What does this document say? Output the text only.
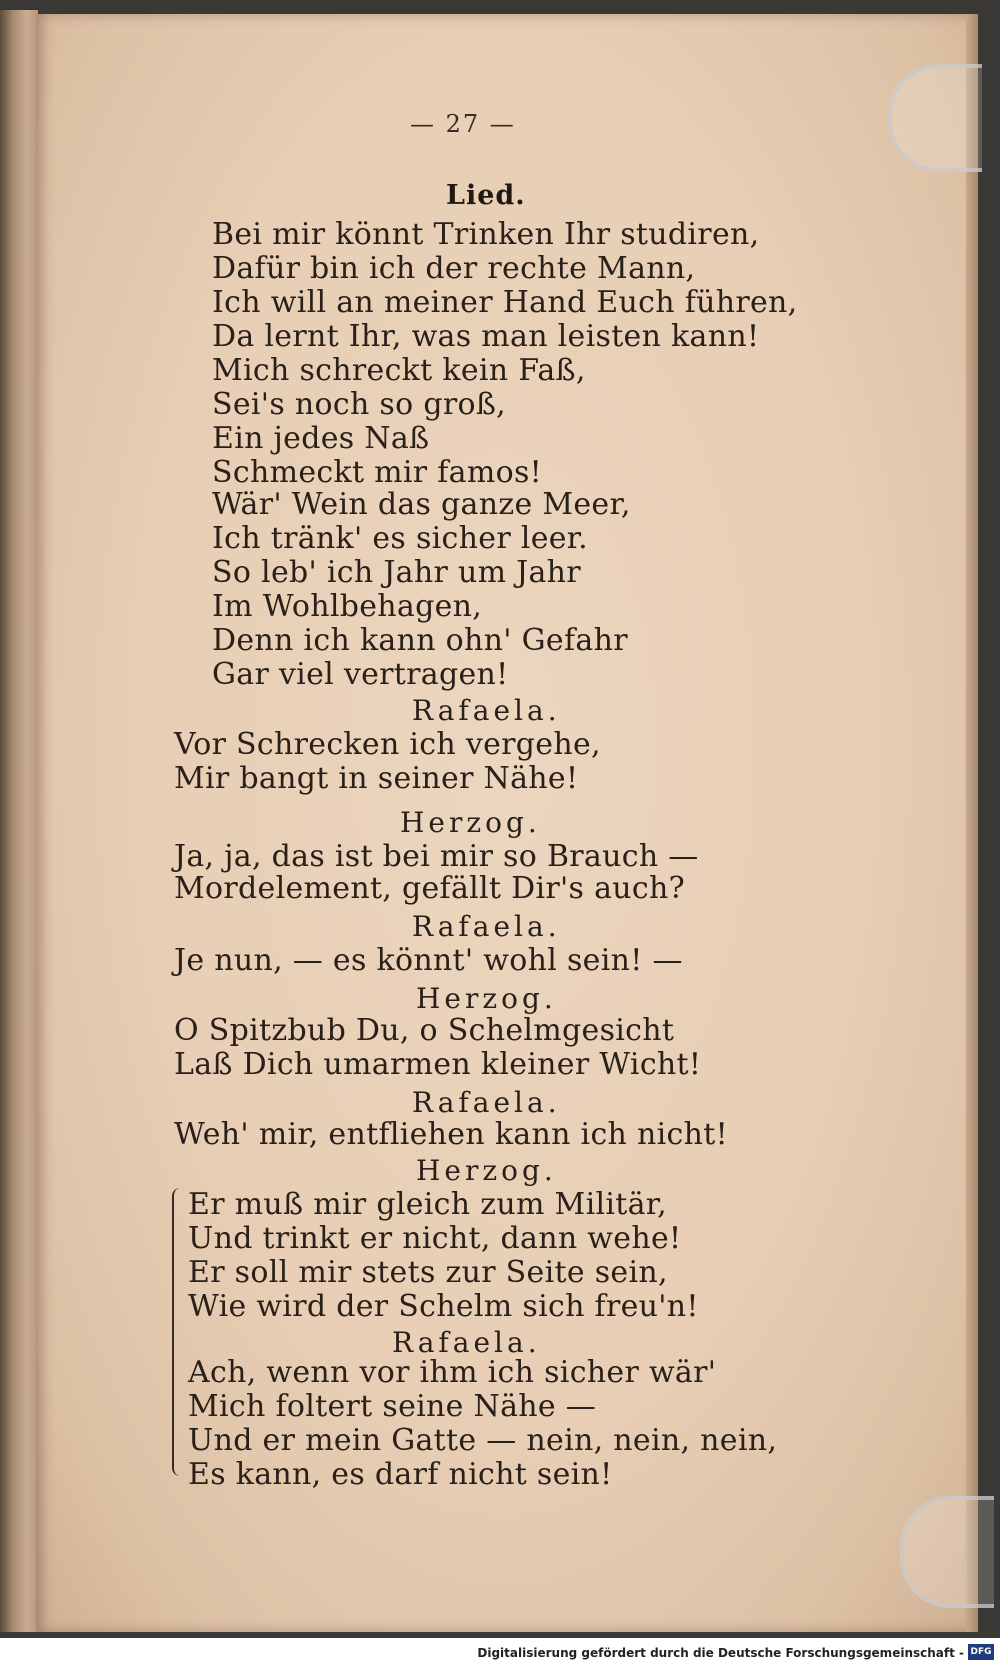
— 27 —
Lied.
Bei mir könnt Trinken Ihr studiren,
Dafür bin ich der rechte Mann,
Ich will an meiner Hand Euch führen,
Da lernt Ihr, was man leisten kann!
Mich schreckt kein Faß,
Sei's noch so groß,
Ein jedes Naß
Schmeckt mir famos!
Wär' Wein das ganze Meer,
Ich tränk' es sicher leer.
So leb' ich Jahr um Jahr
Im Wohlbehagen,
Denn ich kann ohn' Gefahr
Gar viel vertragen!
Rafaela.
Vor Schrecken ich vergehe,
Mir bangt in seiner Nähe!
Herzog.
Ja, ja, das ist bei mir so Brauch —
Mordelement, gefällt Dir's auch?
Rafaela.
Je nun, — es könnt' wohl sein! —
Herzog.
O Spitzbub Du, o Schelmgesicht
Laß Dich umarmen kleiner Wicht!
Rafaela.
Weh' mir, entfliehen kann ich nicht!
Herzog.
Er muß mir gleich zum Militär,
Und trinkt er nicht, dann wehe!
Er soll mir stets zur Seite sein,
Wie wird der Schelm sich freu'n!
Rafaela.
Ach, wenn vor ihm ich sicher wär'
Mich foltert seine Nähe —
Und er mein Gatte — nein, nein, nein,
Es kann, es darf nicht sein!
Digitalisierung gefördert durch die Deutsche Forschungsgemeinschaft - DFG
